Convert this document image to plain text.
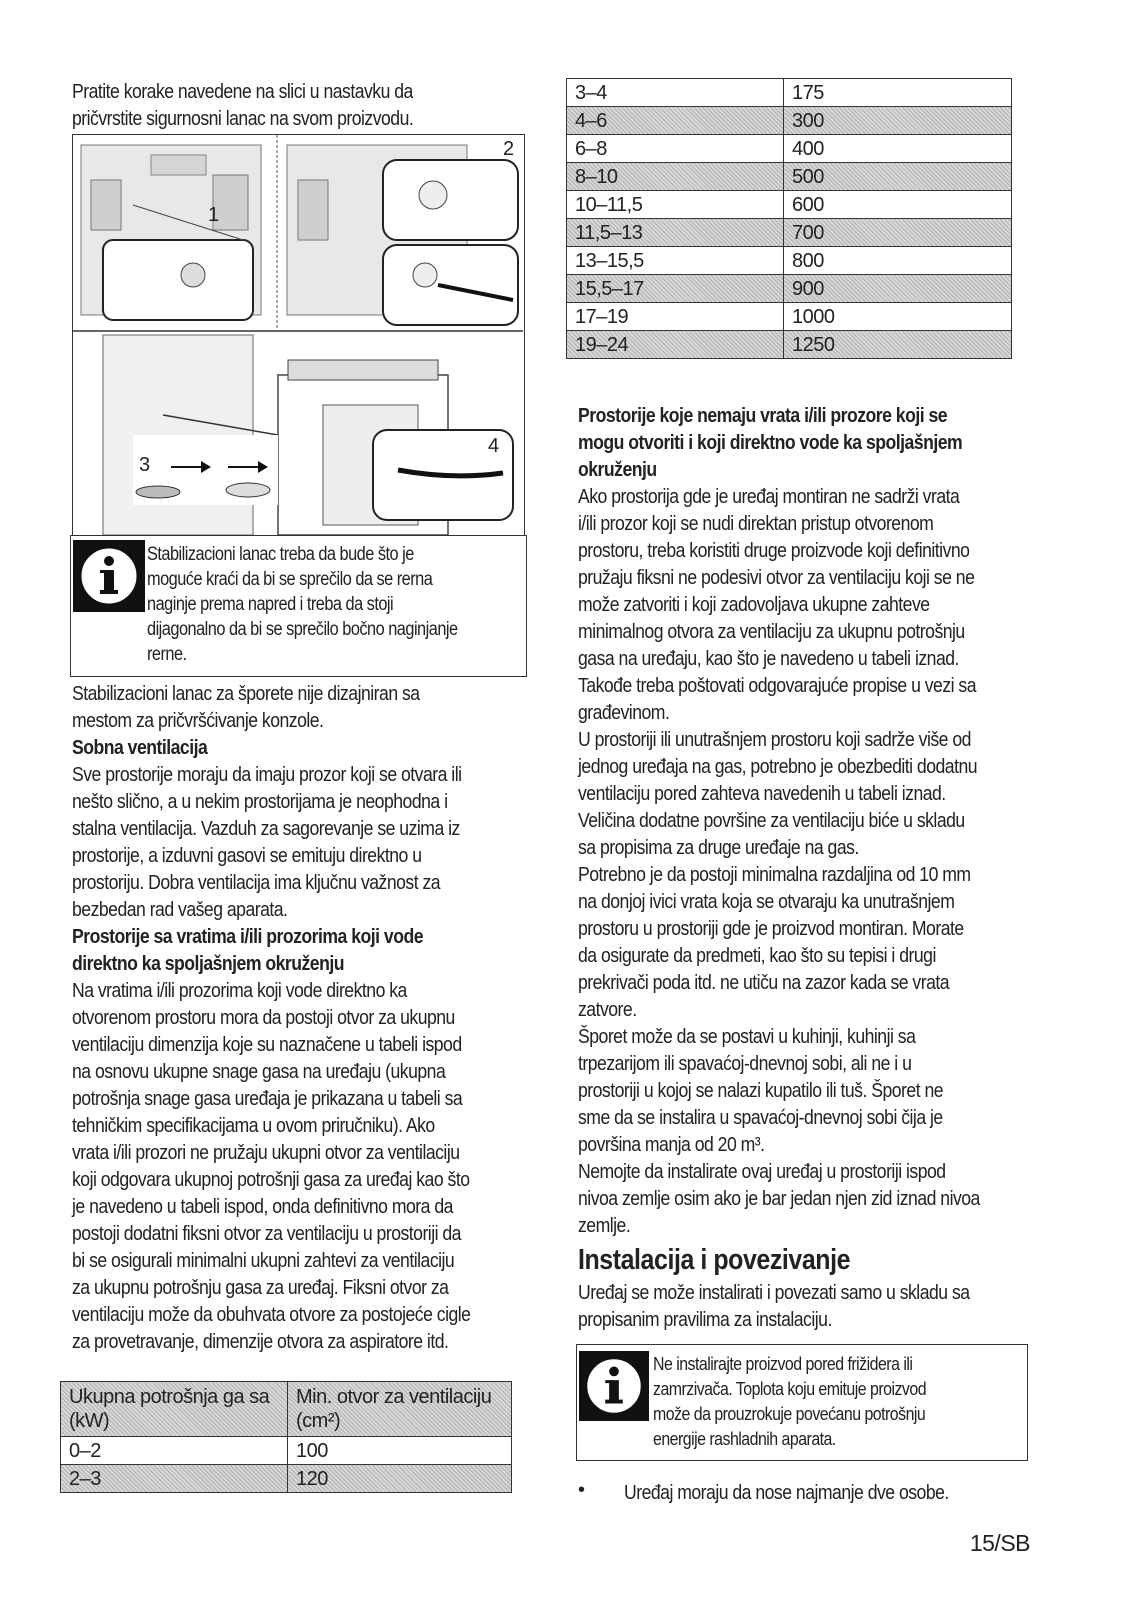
Pratite korake navedene na slici u nastavku da

pričvrstite sigurnosni lanac na svom proizvodu.

1
2
3
4

Stabilizacioni lanac treba da bude što je

moguće kraći da bi se sprečilo da se rerna

naginje prema napred i treba da stoji

dijagonalno da bi se sprečilo bočno naginjanje

rerne.

Stabilizacioni lanac za šporete nije dizajniran sa

mestom za pričvršćivanje konzole.

Sobna ventilacija

Sve prostorije moraju da imaju prozor koji se otvara ili

nešto slično, a u nekim prostorijama je neophodna i

stalna ventilacija. Vazduh za sagorevanje se uzima iz

prostorije, a izduvni gasovi se emituju direktno u

prostoriju. Dobra ventilacija ima ključnu važnost za

bezbedan rad vašeg aparata.

Prostorije sa vratima i/ili prozorima koji vode

direktno ka spoljašnjem okruženju

Na vratima i/ili prozorima koji vode direktno ka

otvorenom prostoru mora da postoji otvor za ukupnu

ventilaciju dimenzija koje su naznačene u tabeli ispod

na osnovu ukupne snage gasa na uređaju (ukupna

potrošnja snage gasa uređaja je prikazana u tabeli sa

tehničkim specifikacijama u ovom priručniku). Ako

vrata i/ili prozori ne pružaju ukupni otvor za ventilaciju

koji odgovara ukupnoj potrošnji gasa za uređaj kao što

je navedeno u tabeli ispod, onda definitivno mora da

postoji dodatni fiksni otvor za ventilaciju u prostoriji da

bi se osigurali minimalni ukupni zahtevi za ventilaciju

za ukupnu potrošnju gasa za uređaj. Fiksni otvor za

ventilaciju može da obuhvata otvore za postojeće cigle

za provetravanje, dimenzije otvora za aspiratore itd.

Ukupna potrošnja ga sa (kW)	Min. otvor za ventilaciju (cm²)
0–2	100
2–3	120
3–4	175
4–6	300
6–8	400
8–10	500
10–11,5	600
11,5–13	700
13–15,5	800
15,5–17	900
17–19	1000
19–24	1250

Prostorije koje nemaju vrata i/ili prozore koji se

mogu otvoriti i koji direktno vode ka spoljašnjem

okruženju

Ako prostorija gde je uređaj montiran ne sadrži vrata

i/ili prozor koji se nudi direktan pristup otvorenom

prostoru, treba koristiti druge proizvode koji definitivno

pružaju fiksni ne podesivi otvor za ventilaciju koji se ne

može zatvoriti i koji zadovoljava ukupne zahteve

minimalnog otvora za ventilaciju za ukupnu potrošnju

gasa na uređaju, kao što je navedeno u tabeli iznad.

Takođe treba poštovati odgovarajuće propise u vezi sa

građevinom.

U prostoriji ili unutrašnjem prostoru koji sadrže više od

jednog uređaja na gas, potrebno je obezbediti dodatnu

ventilaciju pored zahteva navedenih u tabeli iznad.

Veličina dodatne površine za ventilaciju biće u skladu

sa propisima za druge uređaje na gas.

Potrebno je da postoji minimalna razdaljina od 10 mm

na donjoj ivici vrata koja se otvaraju ka unutrašnjem

prostoru u prostoriji gde je proizvod montiran. Morate

da osigurate da predmeti, kao što su tepisi i drugi

prekrivači poda itd. ne utiču na zazor kada se vrata

zatvore.

Šporet može da se postavi u kuhinji, kuhinji sa

trpezarijom ili spavaćoj-dnevnoj sobi, ali ne i u

prostoriji u kojoj se nalazi kupatilo ili tuš. Šporet ne

sme da se instalira u spavaćoj-dnevnoj sobi čija je

površina manja od 20 m³.

Nemojte da instalirate ovaj uređaj u prostoriji ispod

nivoa zemlje osim ako je bar jedan njen zid iznad nivoa

zemlje.

Instalacija i povezivanje

Uređaj se može instalirati i povezati samo u skladu sa

propisanim pravilima za instalaciju.

Ne instalirajte proizvod pored frižidera ili

zamrzivača. Toplota koju emituje proizvod

može da prouzrokuje povećanu potrošnju

energije rashladnih aparata.

• Uređaj moraju da nose najmanje dve osobe.

15/SB
